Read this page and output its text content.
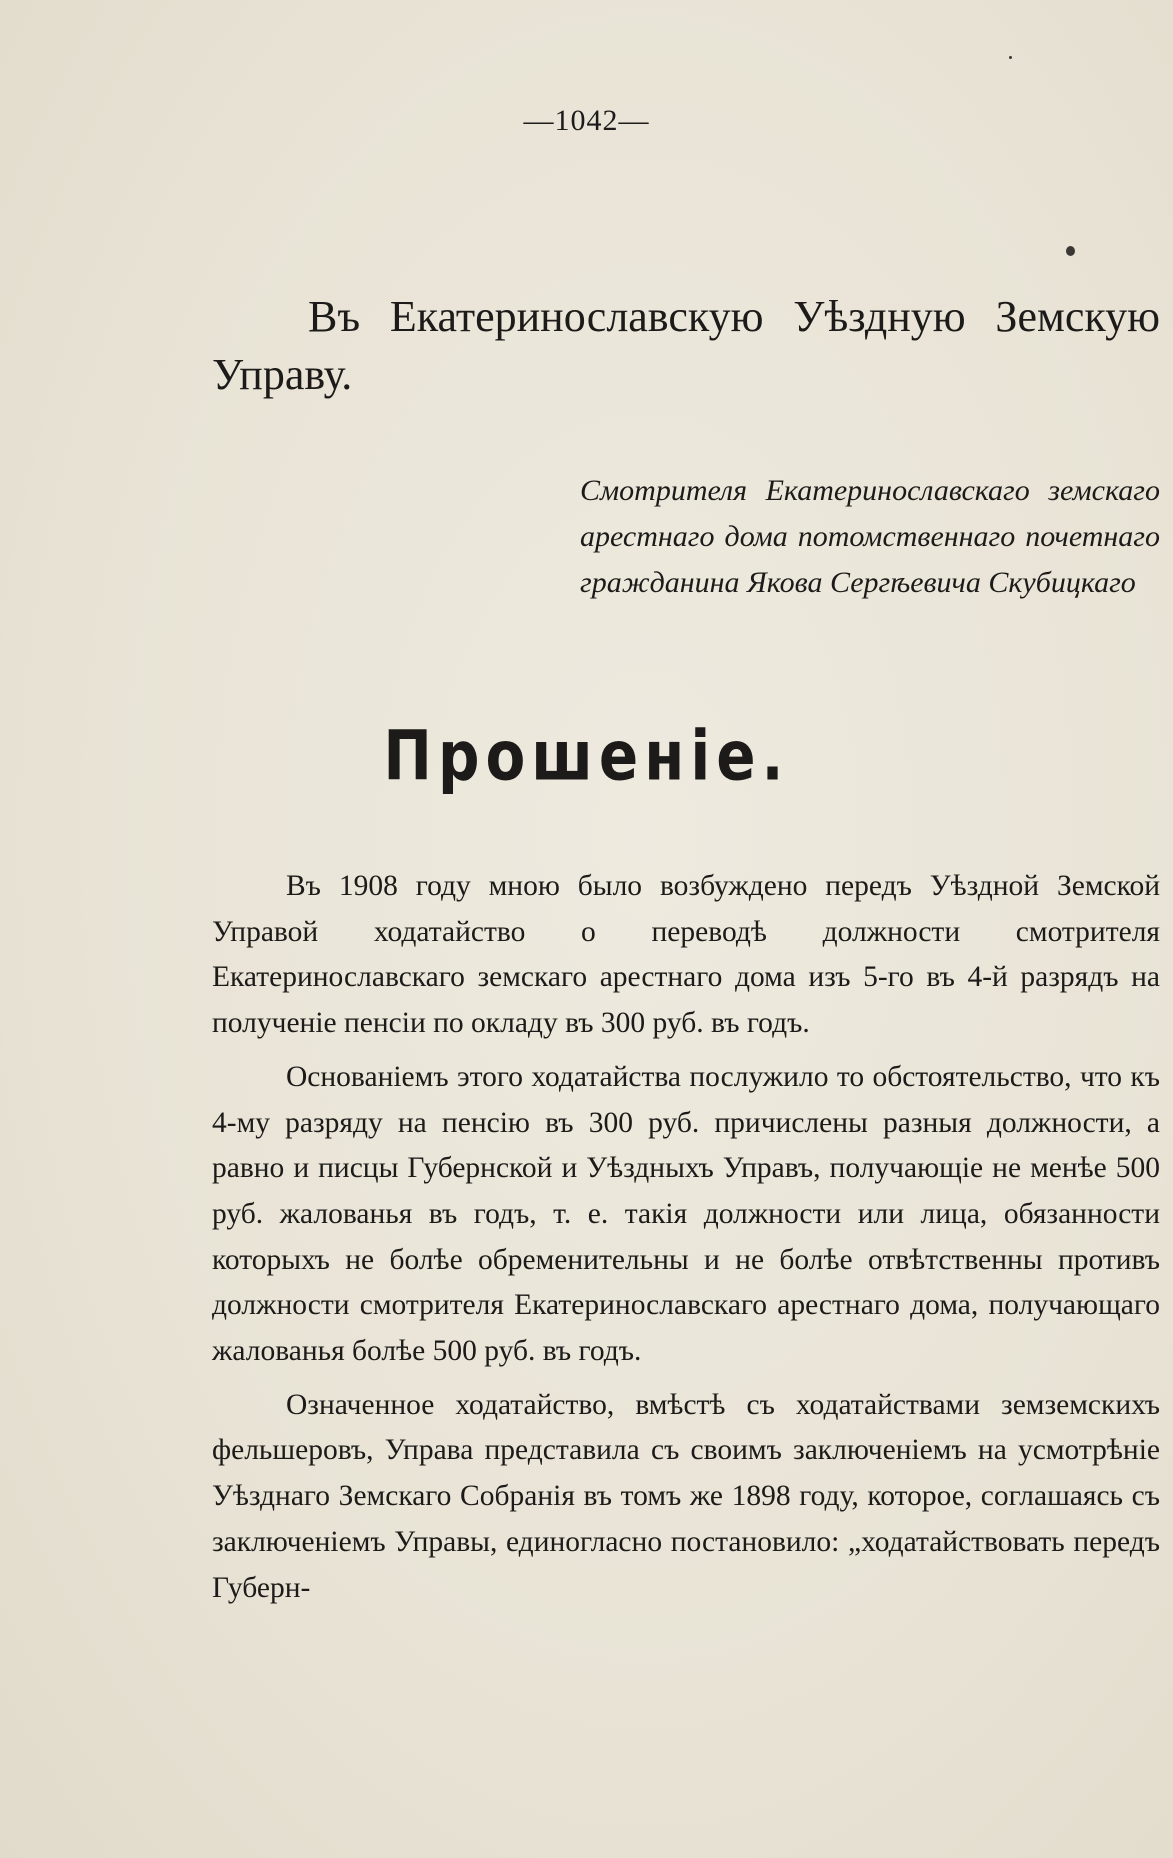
—1042—
Въ Екатеринославскую Уѣздную Земскую Управу.
Смотрителя Екатеринославскаго земскаго арестнаго дома потомственнаго почетнаго гражданина Якова Сергѣевича Скубицкаго
Прошеніе.

Въ 1908 году мною было возбуждено передъ Уѣздной Земской Управой ходатайство о переводѣ должности смотрителя Екатеринославскаго земскаго арестнаго дома изъ 5-го въ 4-й разрядъ на полученіе пенсіи по окладу въ 300 руб. въ годъ.

Основаніемъ этого ходатайства послужило то обстоятельство, что къ 4-му разряду на пенсію въ 300 руб. причислены разныя должности, а равно и писцы Губернской и Уѣздныхъ Управъ, получающіе не менѣе 500 руб. жалованья въ годъ, т. е. такія должности или лица, обязанности которыхъ не болѣе обременительны и не болѣе отвѣтственны противъ должности смотрителя Екатеринославскаго арестнаго дома, получающаго жалованья болѣе 500 руб. въ годъ.

Означенное ходатайство, вмѣстѣ съ ходатайствами земземскихъ фельшеровъ, Управа представила съ своимъ заключеніемъ на усмотрѣніе Уѣзднаго Земскаго Собранія въ томъ же 1898 году, которое, соглашаясь съ заключеніемъ Управы, единогласно постановило: „ходатайствовать передъ Губерн-
